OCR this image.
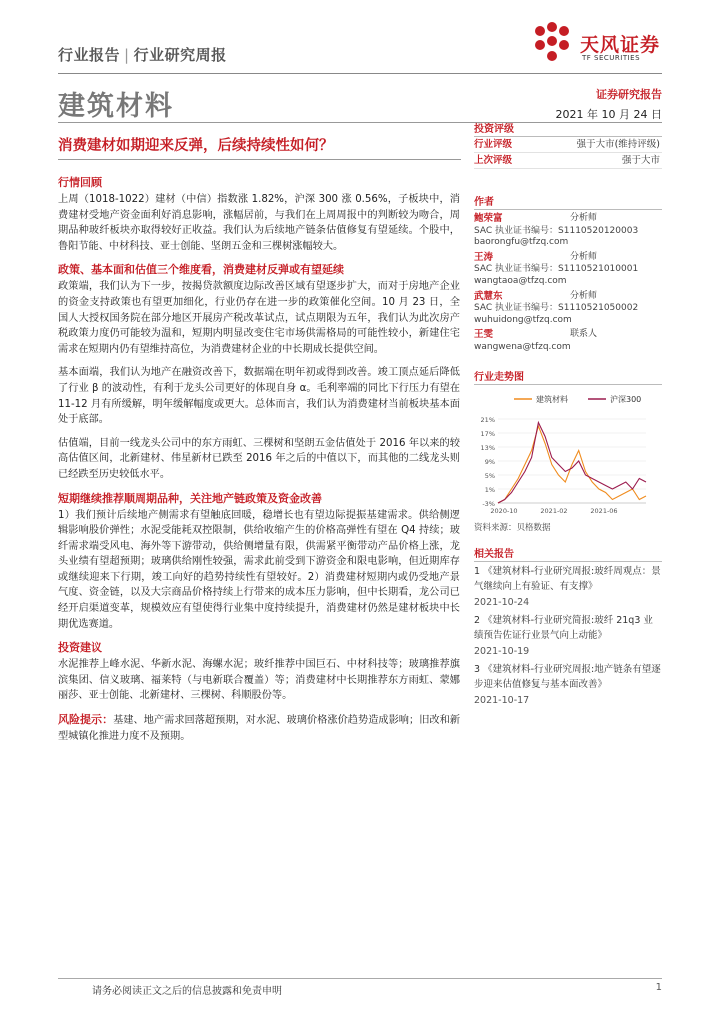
行业报告 | 行业研究周报	天风证券
TF SECURITIES
建筑材料	证券研究报告
2021 年 10 月 24 日
消费建材如期迎来反弹，后续持续性如何？
行情回顾

上周（1018-1022）建材（中信）指数涨 1.82%，沪深 300 涨 0.56%，子板块中，消费建材受地产资金面利好消息影响，涨幅居前，与我们在上周周报中的判断较为吻合，周期品种玻纤板块亦取得较好正收益。我们认为后续地产链条估值修复有望延续。个股中，鲁阳节能、中材科技、亚士创能、坚朗五金和三棵树涨幅较大。

政策、基本面和估值三个维度看，消费建材反弹或有望延续

政策端，我们认为下一步，按揭贷款额度边际改善区域有望逐步扩大，而对于房地产企业的资金支持政策也有望更加细化，行业仍存在进一步的政策催化空间。10 月 23 日，全国人大授权国务院在部分地区开展房产税改革试点，试点期限为五年，我们认为此次房产税政策力度仍可能较为温和，短期内明显改变住宅市场供需格局的可能性较小，新建住宅需求在短期内仍有望维持高位，为消费建材企业的中长期成长提供空间。

基本面端，我们认为地产在融资改善下，数据端在明年初或得到改善。竣工顶点延后降低了行业 β 的波动性，有利于龙头公司更好的体现自身 α。毛利率端的同比下行压力有望在 11-12 月有所缓解，明年缓解幅度或更大。总体而言，我们认为消费建材当前板块基本面处于底部。

估值端，目前一线龙头公司中的东方雨虹、三棵树和坚朗五金估值处于 2016 年以来的较高估值区间，北新建材、伟星新材已跌至 2016 年之后的中值以下，而其他的二线龙头则已经跌至历史较低水平。

短期继续推荐顺周期品种，关注地产链政策及资金改善

1）我们预计后续地产侧需求有望触底回暖，稳增长也有望边际提振基建需求。供给侧逻辑影响股价弹性；水泥受能耗双控限制，供给收缩产生的价格高弹性有望在 Q4 持续；玻纤需求端受风电、海外等下游带动，供给侧增量有限，供需紧平衡带动产品价格上涨，龙头业绩有望超预期；玻璃供给刚性较强，需求此前受到下游资金和限电影响，但近期库存或继续迎来下行期，竣工向好的趋势持续性有望较好。2）消费建材短期内或仍受地产景气度、资金链，以及大宗商品价格持续上行带来的成本压力影响，但中长期看，龙公司已经开启渠道变革，规模效应有望使得行业集中度持续提升，消费建材仍然是建材板块中长期优选赛道。

投资建议

水泥推荐上峰水泥、华新水泥、海螺水泥；玻纤推荐中国巨石、中材科技等；玻璃推荐旗滨集团、信义玻璃、福莱特（与电新联合覆盖）等；消费建材中长期推荐东方雨虹、蒙娜丽莎、亚士创能、北新建材、三棵树、科顺股份等。

风险提示：基建、地产需求回落超预期，对水泥、玻璃价格涨价趋势造成影响；旧改和新型城镇化推进力度不及预期。

投资评级
行业评级	强于大市(维持评级)
上次评级	强于大市
作者
鲍荣富	分析师
SAC 执业证书编号：S1110520120003
baorongfu@tfzq.com
王涛	分析师
SAC 执业证书编号：S1110521010001
wangtaoa@tfzq.com
武慧东	分析师
SAC 执业证书编号：S1110521050002
wuhuidong@tfzq.com
王雯	联系人
wangwena@tfzq.com
行业走势图
建筑材料	沪深300
21%
17%
13%
9%
5%
1%
-3%
2020-10	2021-02	2021-06
资料来源：贝格数据
相关报告
1 《建筑材料-行业研究周报:玻纤周观点：景气继续向上有验证、有支撑》
2021-10-24
2 《建筑材料-行业研究简报:玻纤 21q3 业绩预告佐证行业景气向上动能》
2021-10-19
3 《建筑材料-行业研究周报:地产链条有望逐步迎来估值修复与基本面改善》
2021-10-17
请务必阅读正文之后的信息披露和免责申明	1
